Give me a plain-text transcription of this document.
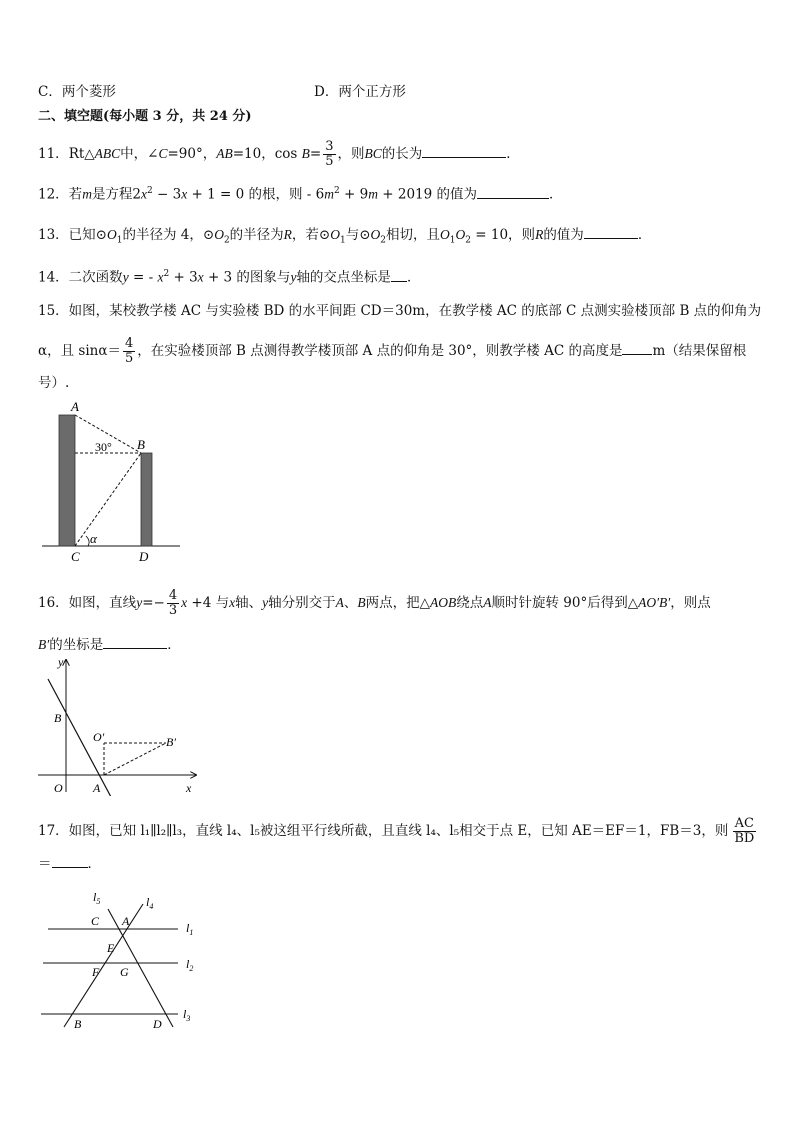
C．两个菱形	D．两个正方形
二、填空题(每小题 3 分，共 24 分)
11．Rt△ABC中，∠C=90°，AB=10，$\cos B= \frac{3}{5}$ ，则BC的长为	．
12．若m是方程$2x^2 - 3x + 1 = 0$ 的根，则 - $6m^2 + 9m + 2019$ 的值为	．
13．已知$⊙O_1$的半径为 4，$⊙O_2$的半径为R，若$⊙O_1$与$⊙O_2$相切，且$O_1O_2 = 10$，则R的值为	．
14．二次函数y = - $x^2 + 3x + 3$ 的图象与y轴的交点坐标是 ．
15．如图，某校教学楼 AC 与实验楼 BD 的水平间距 CD＝30m，在教学楼 AC 的底部 C 点测实验楼顶部 B 点的仰角为
α，且 $\sin\alpha= \frac{4}{5}$ ，在实验楼顶部 B 点测得教学楼顶部 A 点的仰角是 30°，则教学楼 AC 的高度是 m（结果保留根
号）.
A
B
C	D
30°
α
16．如图，直线$y=- \frac{4}{3}$ x +4 与x轴、y轴分别交于A、B两点，把△AOB绕点A顺时针旋转 90°后得到△AO′B′，则点
B′的坐标是	．
y
x
O	A
B
O′	B′
17．如图，已知 l₁∥l₂∥l₃，直线 l₄、l₅被这组平行线所截，且直线 l₄、l₅相交于点 E，已知 AE＝EF＝1，FB＝3，则 $\frac{AC}{BD}$
＝	．
$l_5$	$l_4$
$l_1$
$l_2$
$l_3$
C A
E
F G
B	D
